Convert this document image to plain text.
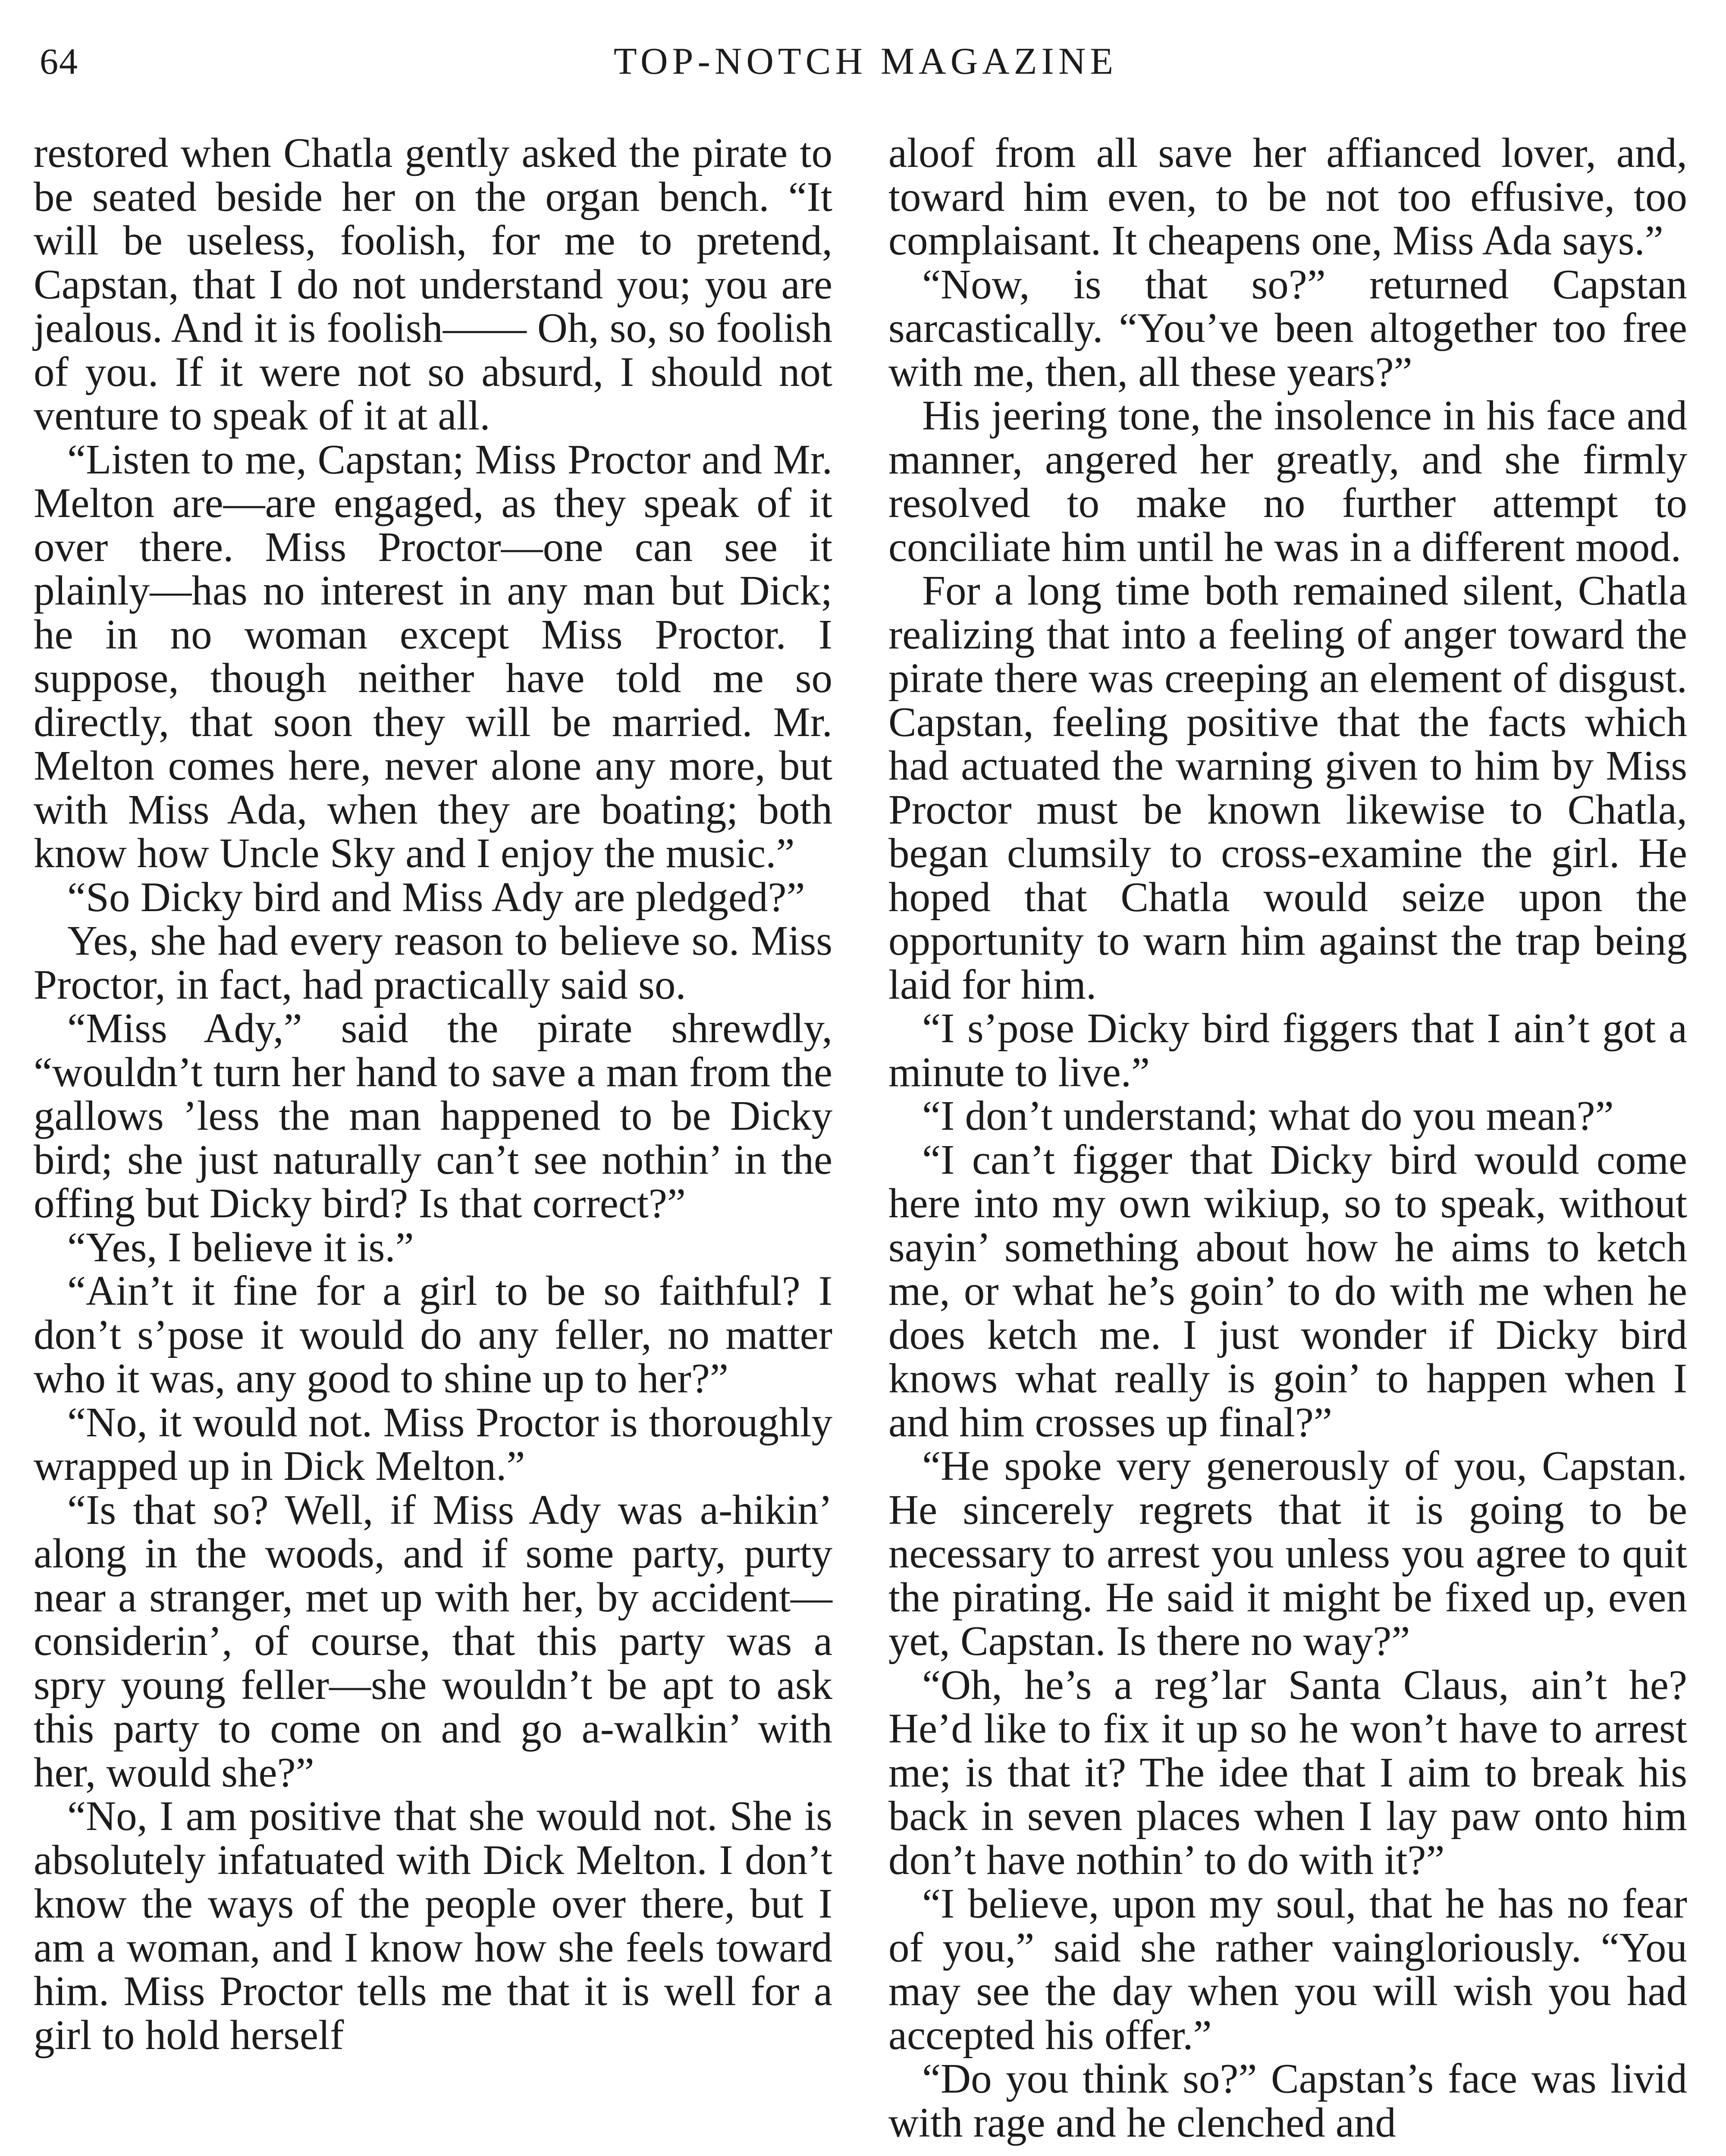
64	TOP-NOTCH MAGAZINE

restored when Chatla gently asked the pirate to be seated beside her on the organ bench. “It will be useless, foolish, for me to pretend, Capstan, that I do not understand you; you are jealous. And it is foolish—— Oh, so, so foolish of you. If it were not so absurd, I should not venture to speak of it at all.

“Listen to me, Capstan; Miss Proctor and Mr. Melton are—are engaged, as they speak of it over there. Miss Proctor—one can see it plainly—has no interest in any man but Dick; he in no woman except Miss Proctor. I suppose, though neither have told me so directly, that soon they will be married. Mr. Melton comes here, never alone any more, but with Miss Ada, when they are boating; both know how Uncle Sky and I enjoy the music.”

“So Dicky bird and Miss Ady are pledged?”

Yes, she had every reason to believe so. Miss Proctor, in fact, had practically said so.

“Miss Ady,” said the pirate shrewdly, “wouldn’t turn her hand to save a man from the gallows ’less the man happened to be Dicky bird; she just naturally can’t see nothin’ in the offing but Dicky bird? Is that correct?”

“Yes, I believe it is.”

“Ain’t it fine for a girl to be so faithful? I don’t s’pose it would do any feller, no matter who it was, any good to shine up to her?”

“No, it would not. Miss Proctor is thoroughly wrapped up in Dick Melton.”

“Is that so? Well, if Miss Ady was a-hikin’ along in the woods, and if some party, purty near a stranger, met up with her, by accident—considerin’, of course, that this party was a spry young feller—she wouldn’t be apt to ask this party to come on and go a-walkin’ with her, would she?”

“No, I am positive that she would not. She is absolutely infatuated with Dick Melton. I don’t know the ways of the people over there, but I am a woman, and I know how she feels toward him. Miss Proctor tells me that it is well for a girl to hold herself

aloof from all save her affianced lover, and, toward him even, to be not too effusive, too complaisant. It cheapens one, Miss Ada says.”

“Now, is that so?” returned Capstan sarcastically. “You’ve been altogether too free with me, then, all these years?”

His jeering tone, the insolence in his face and manner, angered her greatly, and she firmly resolved to make no further attempt to conciliate him until he was in a different mood.

For a long time both remained silent, Chatla realizing that into a feeling of anger toward the pirate there was creeping an element of disgust. Capstan, feeling positive that the facts which had actuated the warning given to him by Miss Proctor must be known likewise to Chatla, began clumsily to cross-examine the girl. He hoped that Chatla would seize upon the opportunity to warn him against the trap being laid for him.

“I s’pose Dicky bird figgers that I ain’t got a minute to live.”

“I don’t understand; what do you mean?”

“I can’t figger that Dicky bird would come here into my own wikiup, so to speak, without sayin’ something about how he aims to ketch me, or what he’s goin’ to do with me when he does ketch me. I just wonder if Dicky bird knows what really is goin’ to happen when I and him crosses up final?”

“He spoke very generously of you, Capstan. He sincerely regrets that it is going to be necessary to arrest you unless you agree to quit the pirating. He said it might be fixed up, even yet, Capstan. Is there no way?”

“Oh, he’s a reg’lar Santa Claus, ain’t he? He’d like to fix it up so he won’t have to arrest me; is that it? The idee that I aim to break his back in seven places when I lay paw onto him don’t have nothin’ to do with it?”

“I believe, upon my soul, that he has no fear of you,” said she rather vaingloriously. “You may see the day when you will wish you had accepted his offer.”

“Do you think so?” Capstan’s face was livid with rage and he clenched and
